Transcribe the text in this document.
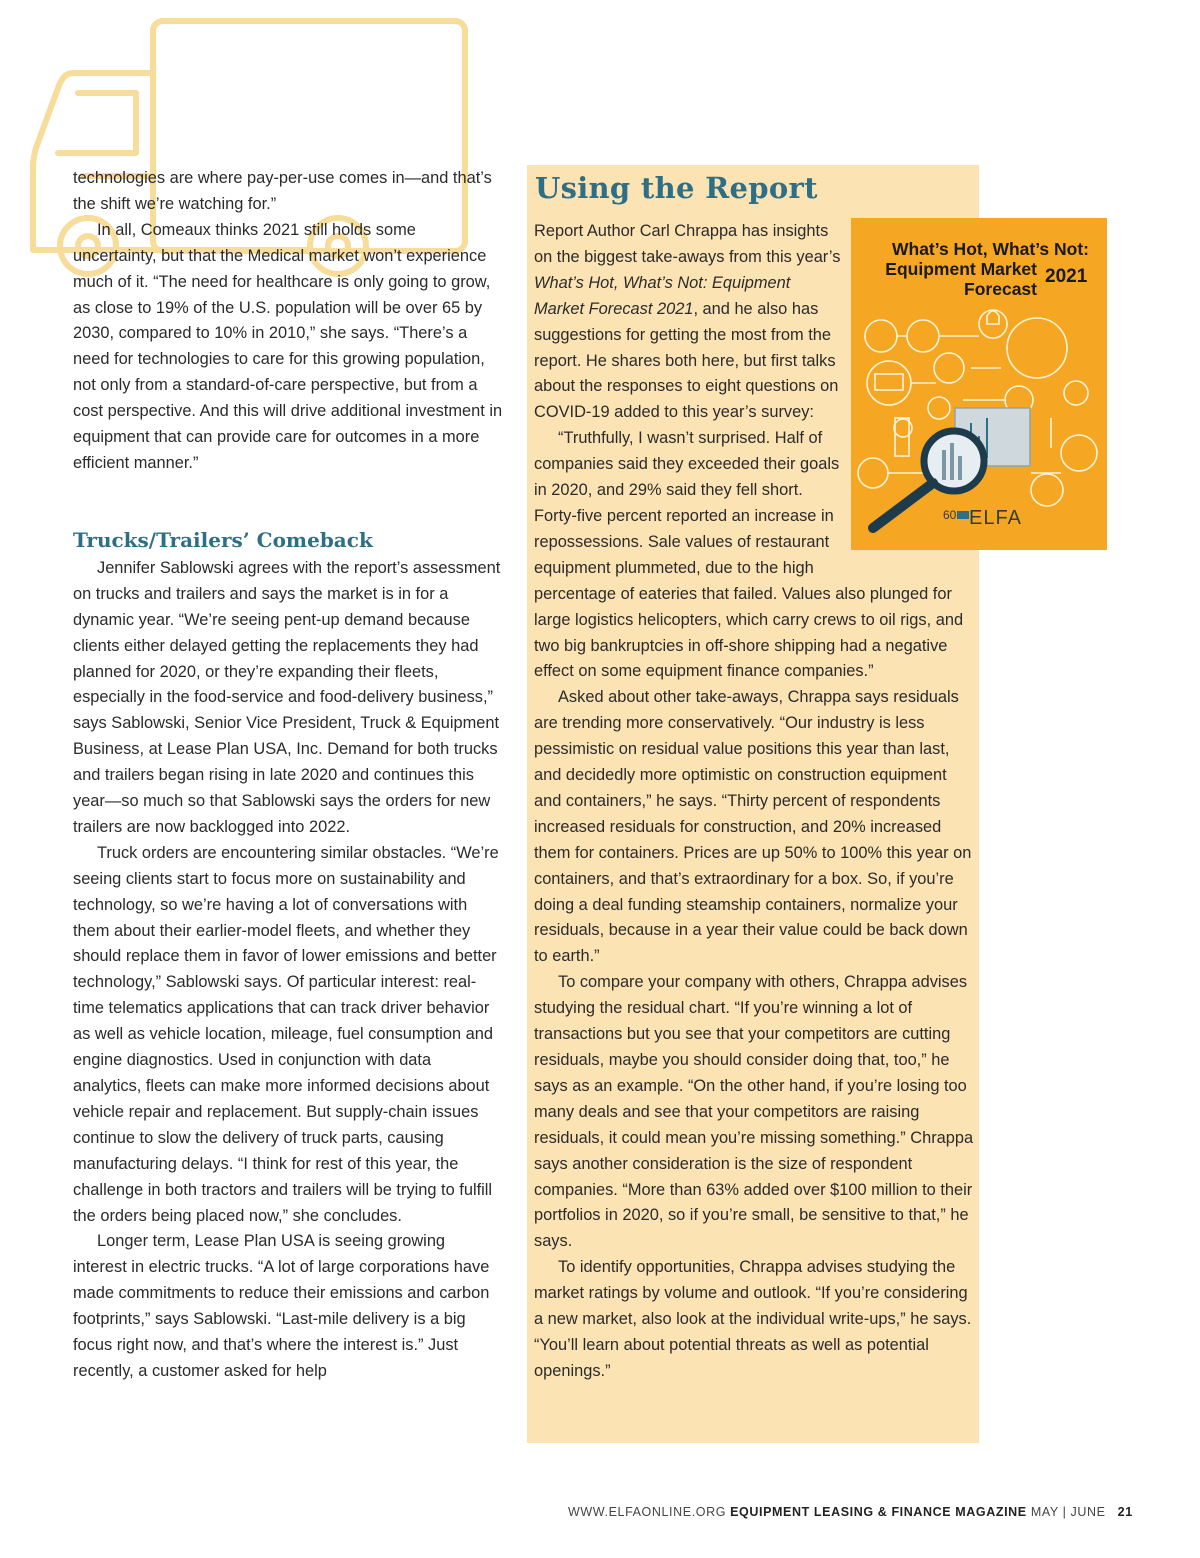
technologies are where pay-per-use comes in—and that’s the shift we’re watching for.”

In all, Comeaux thinks 2021 still holds some uncertainty, but that the Medical market won’t experience much of it. “The need for healthcare is only going to grow, as close to 19% of the U.S. population will be over 65 by 2030, compared to 10% in 2010,” she says. “There’s a need for technologies to care for this growing population, not only from a standard-of-care perspective, but from a cost perspective. And this will drive additional investment in equipment that can provide care for outcomes in a more efficient manner.”

Trucks/Trailers’ Comeback

Jennifer Sablowski agrees with the report’s assessment on trucks and trailers and says the market is in for a dynamic year. “We’re seeing pent-up demand because clients either delayed getting the replacements they had planned for 2020, or they’re expanding their fleets, especially in the food-service and food-delivery business,” says Sablowski, Senior Vice President, Truck & Equipment Business, at Lease Plan USA, Inc. Demand for both trucks and trailers began rising in late 2020 and continues this year—so much so that Sablowski says the orders for new trailers are now backlogged into 2022.

Truck orders are encountering similar obstacles. “We’re seeing clients start to focus more on sustainability and technology, so we’re having a lot of conversations with them about their earlier-model fleets, and whether they should replace them in favor of lower emissions and better technology,” Sablowski says. Of particular interest: real-time telematics applications that can track driver behavior as well as vehicle location, mileage, fuel consumption and engine diagnostics. Used in conjunction with data analytics, fleets can make more informed decisions about vehicle repair and replacement. But supply-chain issues continue to slow the delivery of truck parts, causing manufacturing delays. “I think for rest of this year, the challenge in both tractors and trailers will be trying to fulfill the orders being placed now,” she concludes.

Longer term, Lease Plan USA is seeing growing interest in electric trucks. “A lot of large corporations have made commitments to reduce their emissions and carbon footprints,” says Sablowski. “Last-mile delivery is a big focus right now, and that’s where the interest is.” Just recently, a customer asked for help

Using the Report

Report Author Carl Chrappa has insights on the biggest take-aways from this year’s What’s Hot, What’s Not: Equipment Market Forecast 2021, and he also has suggestions for getting the most from the report. He shares both here, but first talks about the responses to eight questions on COVID-19 added to this year’s survey:

“Truthfully, I wasn’t surprised. Half of companies said they exceeded their goals in 2020, and 29% said they fell short. Forty-five percent reported an increase in repossessions. Sale values of restaurant equipment plummeted, due to the high percentage of eateries that failed. Values also plunged for large logistics helicopters, which carry crews to oil rigs, and two big bankruptcies in off-shore shipping had a negative effect on some equipment finance companies.”

Asked about other take-aways, Chrappa says residuals are trending more conservatively. “Our industry is less pessimistic on residual value positions this year than last, and decidedly more optimistic on construction equipment and containers,” he says. “Thirty percent of respondents increased residuals for construction, and 20% increased them for containers. Prices are up 50% to 100% this year on containers, and that’s extraordinary for a box. So, if you’re doing a deal funding steamship containers, normalize your residuals, because in a year their value could be back down to earth.”

To compare your company with others, Chrappa advises studying the residual chart. “If you’re winning a lot of transactions but you see that your competitors are cutting residuals, maybe you should consider doing that, too,” he says as an example. “On the other hand, if you’re losing too many deals and see that your competitors are raising residuals, it could mean you’re missing something.” Chrappa says another consideration is the size of respondent companies. “More than 63% added over $100 million to their portfolios in 2020, so if you’re small, be sensitive to that,” he says.

To identify opportunities, Chrappa advises studying the market ratings by volume and outlook. “If you’re considering a new market, also look at the individual write-ups,” he says. “You’ll learn about potential threats as well as potential openings.”

60 ELFA
What’s Hot, What’s Not:
Equipment Market
Forecast
2021
WWW.ELFAONLINE.ORG EQUIPMENT LEASING & FINANCE MAGAZINE MAY | JUNE 21
